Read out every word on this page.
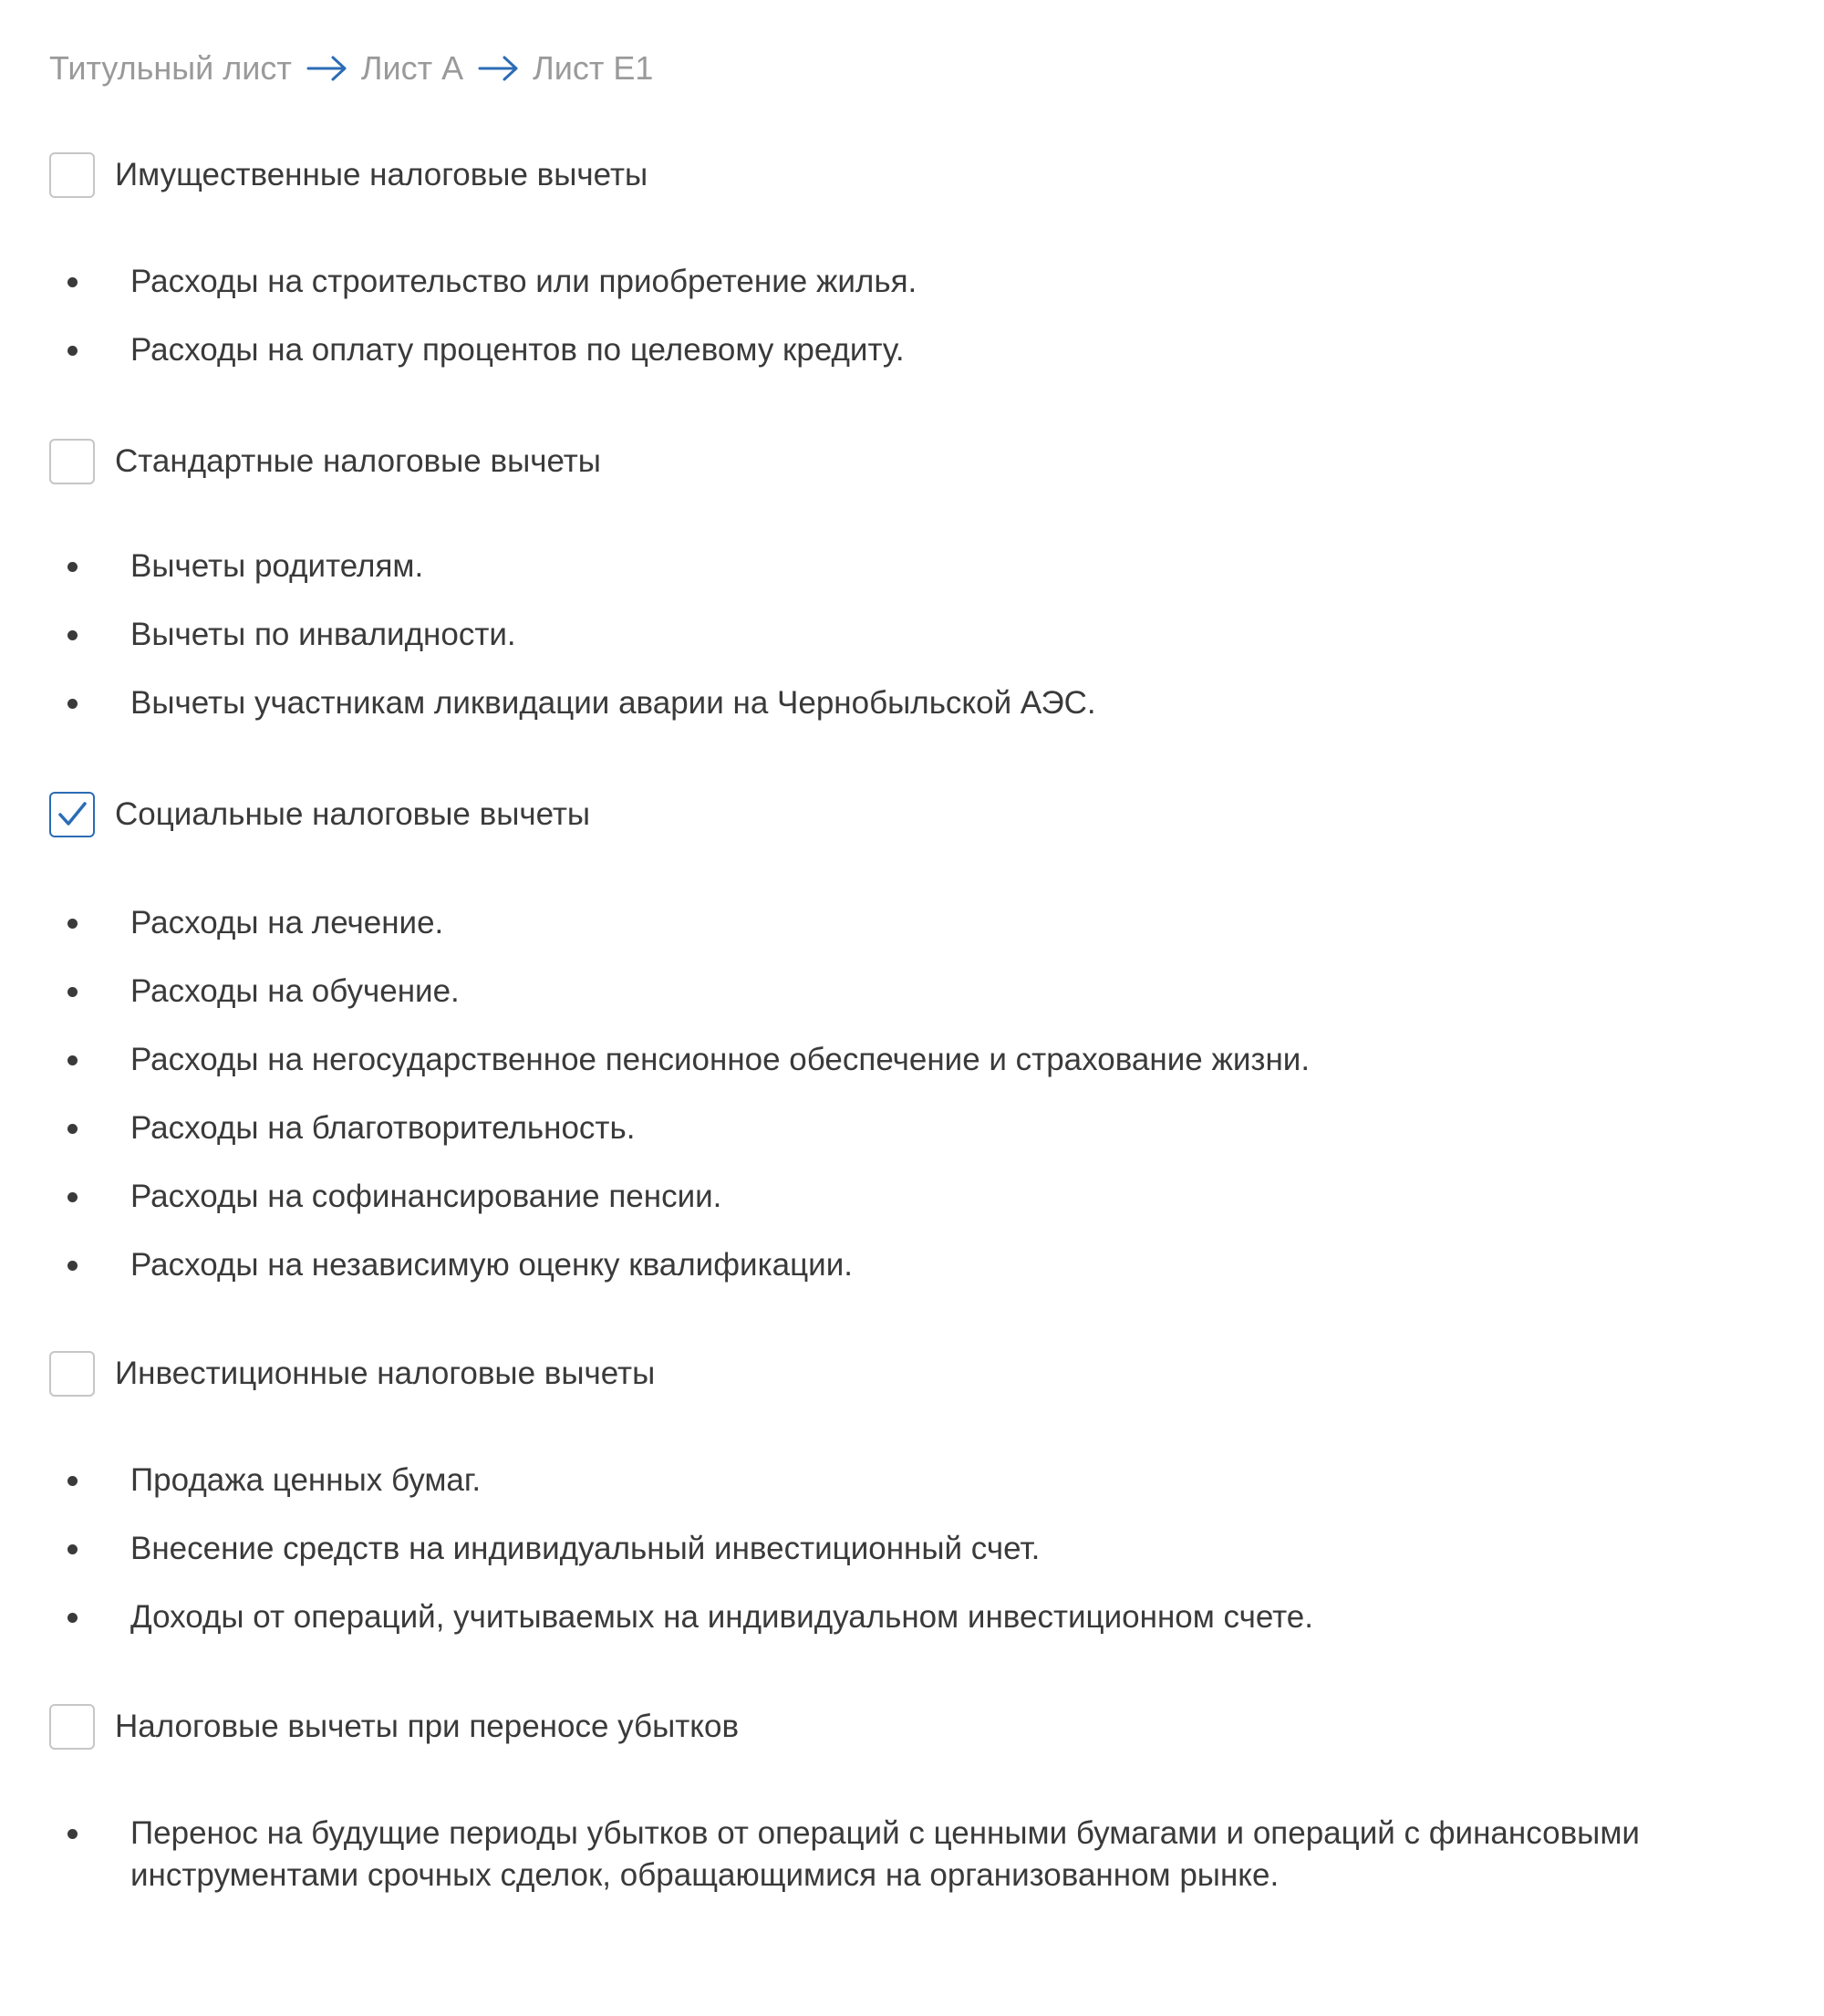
Титульный лист Лист А Лист Е1
Имущественные налоговые вычеты
Расходы на строительство или приобретение жилья.
Расходы на оплату процентов по целевому кредиту.
Стандартные налоговые вычеты
Вычеты родителям.
Вычеты по инвалидности.
Вычеты участникам ликвидации аварии на Чернобыльской АЭС.
Социальные налоговые вычеты
Расходы на лечение.
Расходы на обучение.
Расходы на негосударственное пенсионное обеспечение и страхование жизни.
Расходы на благотворительность.
Расходы на софинансирование пенсии.
Расходы на независимую оценку квалификации.
Инвестиционные налоговые вычеты
Продажа ценных бумаг.
Внесение средств на индивидуальный инвестиционный счет.
Доходы от операций, учитываемых на индивидуальном инвестиционном счете.
Налоговые вычеты при переносе убытков
Перенос на будущие периоды убытков от операций с ценными бумагами и операций с финансовыми инструментами срочных сделок, обращающимися на организованном рынке.
